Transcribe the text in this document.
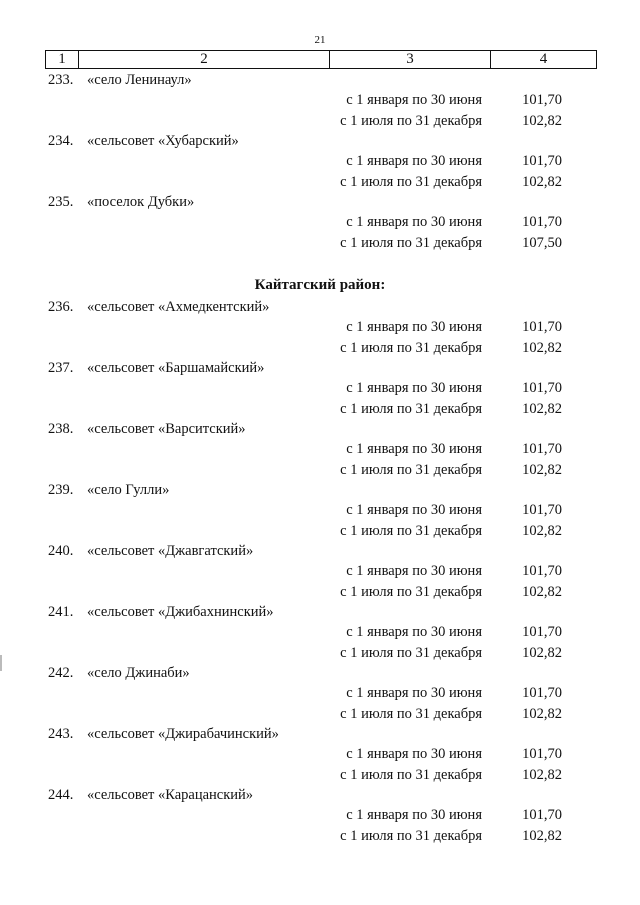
21
1	2	3	4
233. «село Ленинаул»
с 1 января по 30 июня	101,70
с 1 июля по 31 декабря	102,82
234. «сельсовет «Хубарский»
с 1 января по 30 июня	101,70
с 1 июля по 31 декабря	102,82
235. «поселок Дубки»
с 1 января по 30 июня	101,70
с 1 июля по 31 декабря	107,50
Кайтагский район:
236. «сельсовет «Ахмедкентский»
с 1 января по 30 июня	101,70
с 1 июля по 31 декабря	102,82
237. «сельсовет «Баршамайский»
с 1 января по 30 июня	101,70
с 1 июля по 31 декабря	102,82
238. «сельсовет «Варситский»
с 1 января по 30 июня	101,70
с 1 июля по 31 декабря	102,82
239. «село Гулли»
с 1 января по 30 июня	101,70
с 1 июля по 31 декабря	102,82
240. «сельсовет «Джавгатский»
с 1 января по 30 июня	101,70
с 1 июля по 31 декабря	102,82
241. «сельсовет «Джибахнинский»
с 1 января по 30 июня	101,70
с 1 июля по 31 декабря	102,82
242. «село Джинаби»
с 1 января по 30 июня	101,70
с 1 июля по 31 декабря	102,82
243. «сельсовет «Джирабачинский»
с 1 января по 30 июня	101,70
с 1 июля по 31 декабря	102,82
244. «сельсовет «Карацанский»
с 1 января по 30 июня	101,70
с 1 июля по 31 декабря	102,82
